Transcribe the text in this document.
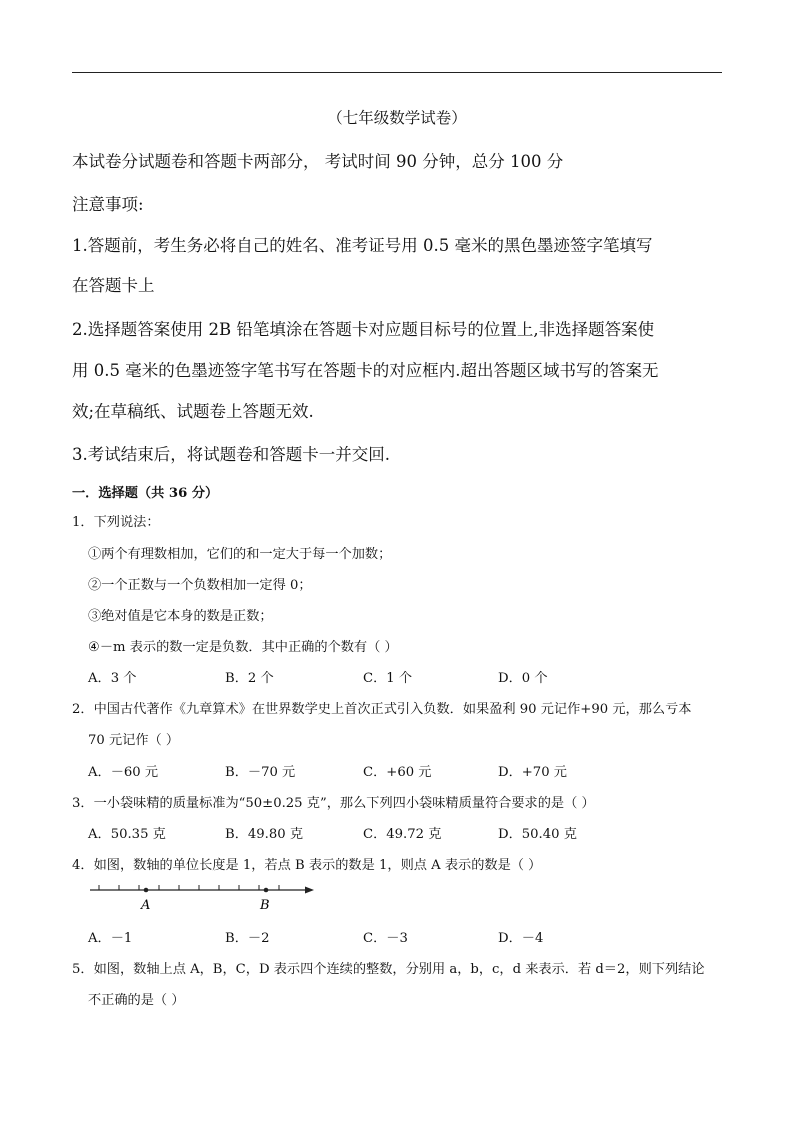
（七年级数学试卷）
本试卷分试题卷和答题卡两部分， 考试时间 90 分钟，总分 100 分
注意事项:
1.答题前，考生务必将自己的姓名、准考证号用 0.5 毫米的黑色墨迹签字笔填写
在答题卡上
2.选择题答案使用 2B 铅笔填涂在答题卡对应题目标号的位置上,非选择题答案使
用 0.5 毫米的色墨迹签字笔书写在答题卡的对应框内.超出答题区域书写的答案无
效;在草稿纸、试题卷上答题无效.
3.考试结束后，将试题卷和答题卡一并交回.
一．选择题（共 36 分）
1．下列说法：
①两个有理数相加，它们的和一定大于每一个加数；
②一个正数与一个负数相加一定得 0；
③绝对值是它本身的数是正数；
④－m 表示的数一定是负数．其中正确的个数有（ ）
A．3 个	B．2 个	C．1 个	D．0 个
2．中国古代著作《九章算术》在世界数学史上首次正式引入负数．如果盈利 90 元记作+90 元，那么亏本
70 元记作（ ）
A．－60 元	B．－70 元	C．+60 元	D．+70 元
3．一小袋味精的质量标准为“50±0.25 克”，那么下列四小袋味精质量符合要求的是（ ）
A．50.35 克	B．49.80 克	C．49.72 克	D．50.40 克
4．如图，数轴的单位长度是 1，若点 B 表示的数是 1，则点 A 表示的数是（ ）
A	B
A．－1	B．－2	C．－3	D．－4
5．如图，数轴上点 A，B，C，D 表示四个连续的整数，分别用 a，b，c，d 来表示．若 d＝2，则下列结论
不正确的是（ ）
